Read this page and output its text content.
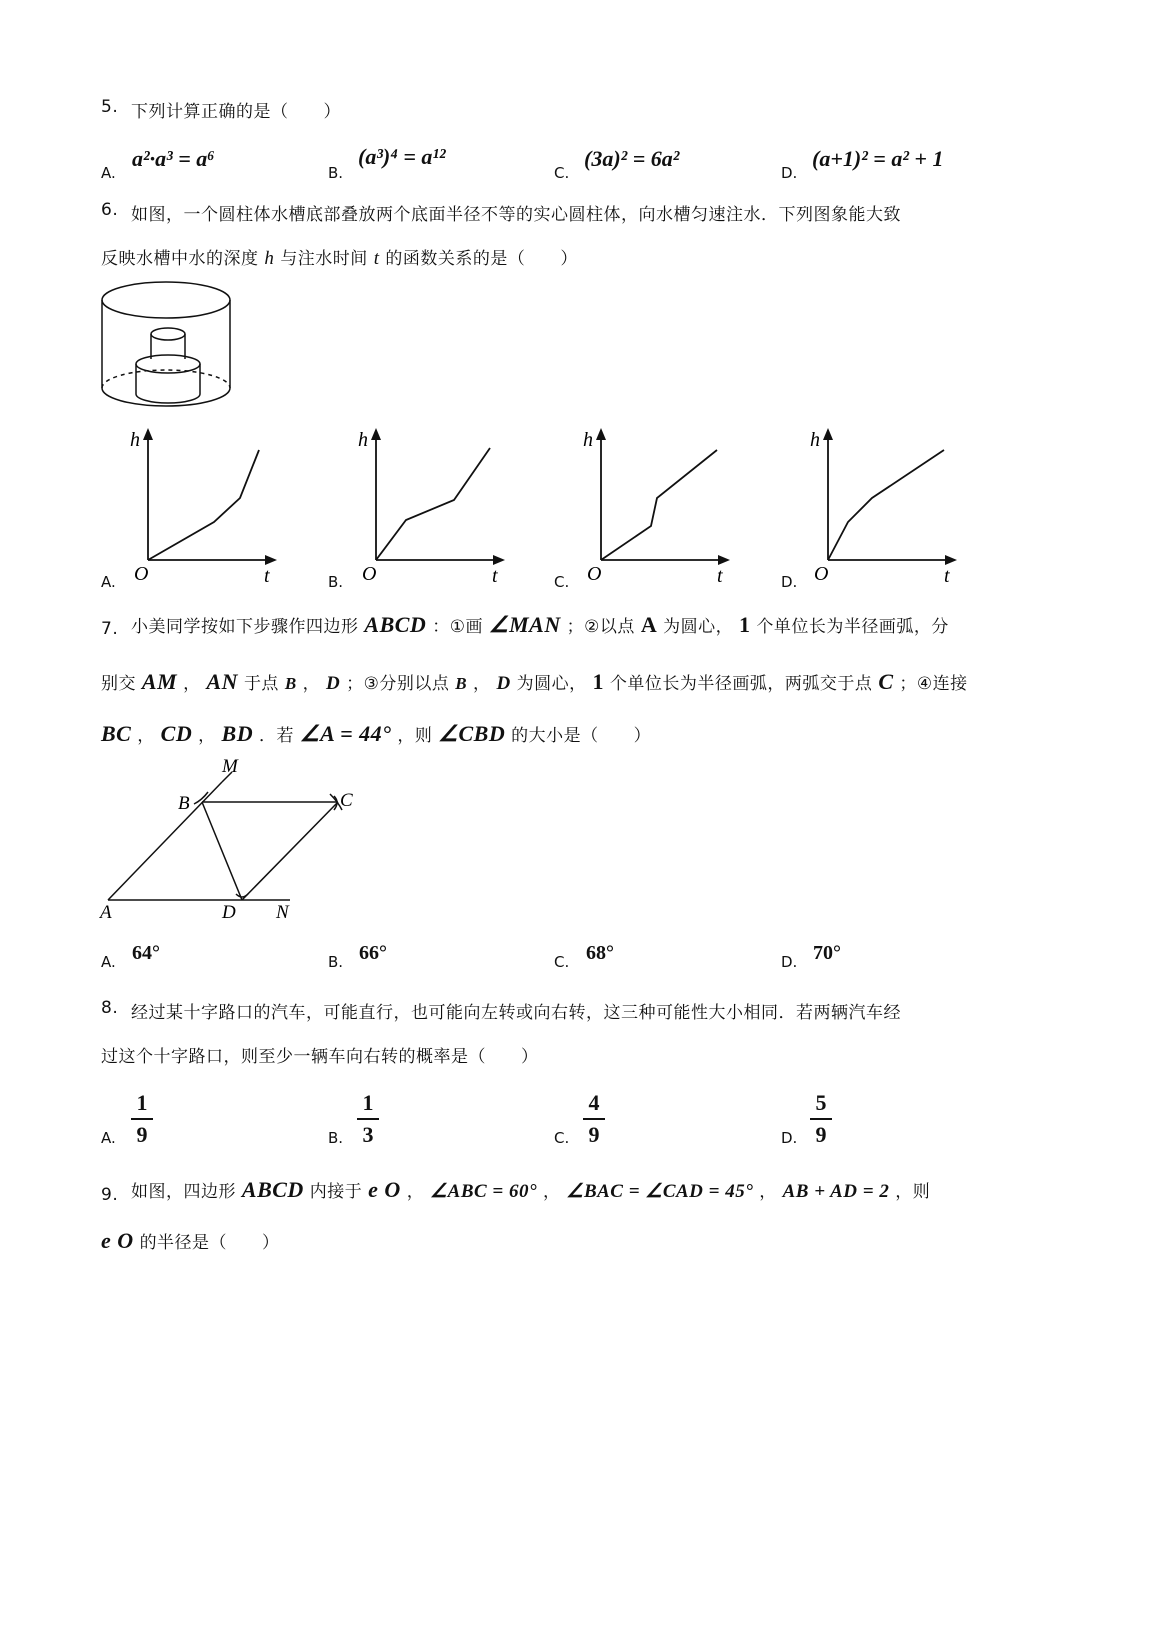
5. 下列计算正确的是（　　）
A.
a²·a³ = a⁶
B.
(a³)⁴ = a¹²
C.
(3a)² = 6a²
D.
(a+1)² = a² + 1
6. 如图，一个圆柱体水槽底部叠放两个底面半径不等的实心圆柱体，向水槽匀速注水．下列图象能大致
反映水槽中水的深度 h 与注水时间 t 的函数关系的是（　　）
A.
h
O	t	B.
h
O	t	C.
h
O	t	D.
h
O	t
7. 小美同学按如下步骤作四边形 ABCD ：①画 ∠MAN ；②以点 A 为圆心， 1 个单位长为半径画弧，分
别交 AM ， AN 于点 B ， D ；③分别以点 B ， D 为圆心， 1 个单位长为半径画弧，两弧交于点 C ；④连接
BC ， CD ， BD ．若 ∠A = 44° ，则 ∠CBD 的大小是（　　）
M
B	C
A	D N
A. 64°	B. 66°	C. 68°	D. 70°
8. 经过某十字路口的汽车，可能直行，也可能向左转或向右转，这三种可能性大小相同．若两辆汽车经
过这个十字路口，则至少一辆车向右转的概率是（　　）
A.
1
9	B.
1
3	C.
4
9	D.
5
9
9. 如图，四边形 ABCD 内接于 e O ， ∠ABC = 60° ， ∠BAC = ∠CAD = 45° ， AB + AD = 2 ，则
e O 的半径是（　　）
